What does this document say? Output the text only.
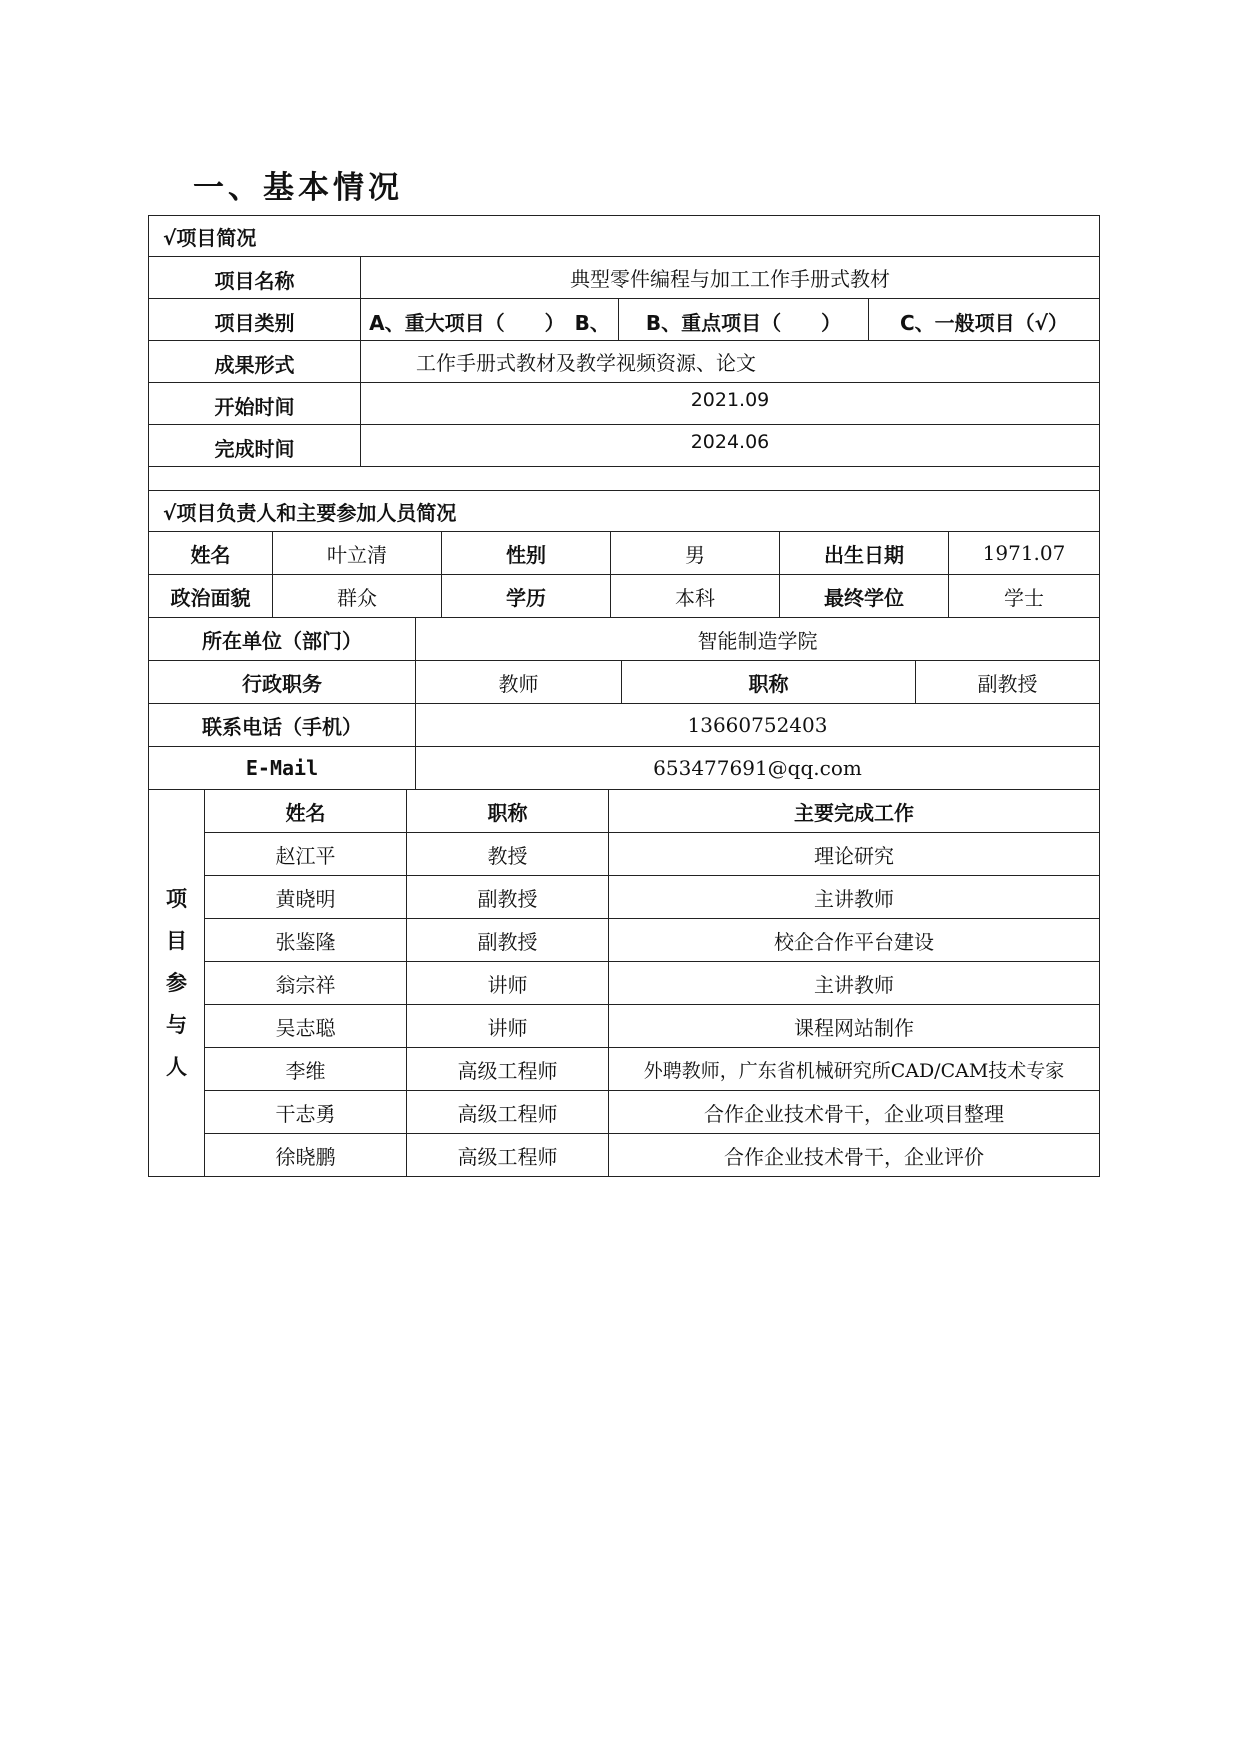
一、基本情况
√项目简况
项目名称	典型零件编程与加工工作手册式教材
项目类别	A、重大项目（　　）　B、	B、重点项目（　　）	C、一般项目（√）
成果形式	工作手册式教材及教学视频资源、论文
开始时间	2021.09
完成时间	2024.06
√项目负责人和主要参加人员简况
姓名	叶立清	性别	男	出生日期	1971.07
政治面貌	群众	学历	本科	最终学位	学士
所在单位（部门）	智能制造学院
行政职务	教师	职称	副教授
联系电话（手机）	13660752403
E-Mail	653477691@qq.com
项
目
参
与
人
姓名	职称	主要完成工作
赵江平	教授	理论研究
黄晓明	副教授	主讲教师
张鉴隆	副教授	校企合作平台建设
翁宗祥	讲师	主讲教师
吴志聪	讲师	课程网站制作
李维	高级工程师	外聘教师，广东省机械研究所CAD/CAM技术专家
干志勇	高级工程师	合作企业技术骨干，企业项目整理
徐晓鹏	高级工程师	合作企业技术骨干，企业评价
